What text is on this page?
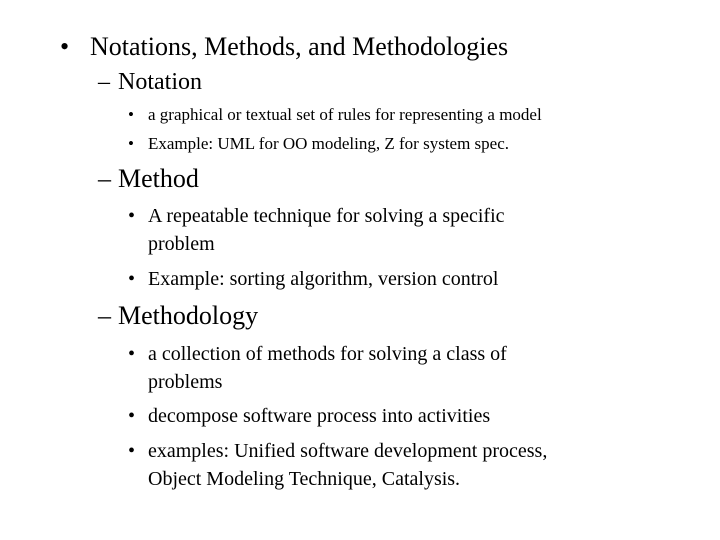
• Notations, Methods, and Methodologies
– Notation
• a graphical or textual set of rules for representing a model
• Example: UML for OO modeling, Z for system spec.
– Method
• A repeatable technique for solving a specific
problem
• Example: sorting algorithm, version control
– Methodology
• a collection of methods for solving a class of
problems
• decompose software process into activities
• examples: Unified software development process,
Object Modeling Technique, Catalysis.
